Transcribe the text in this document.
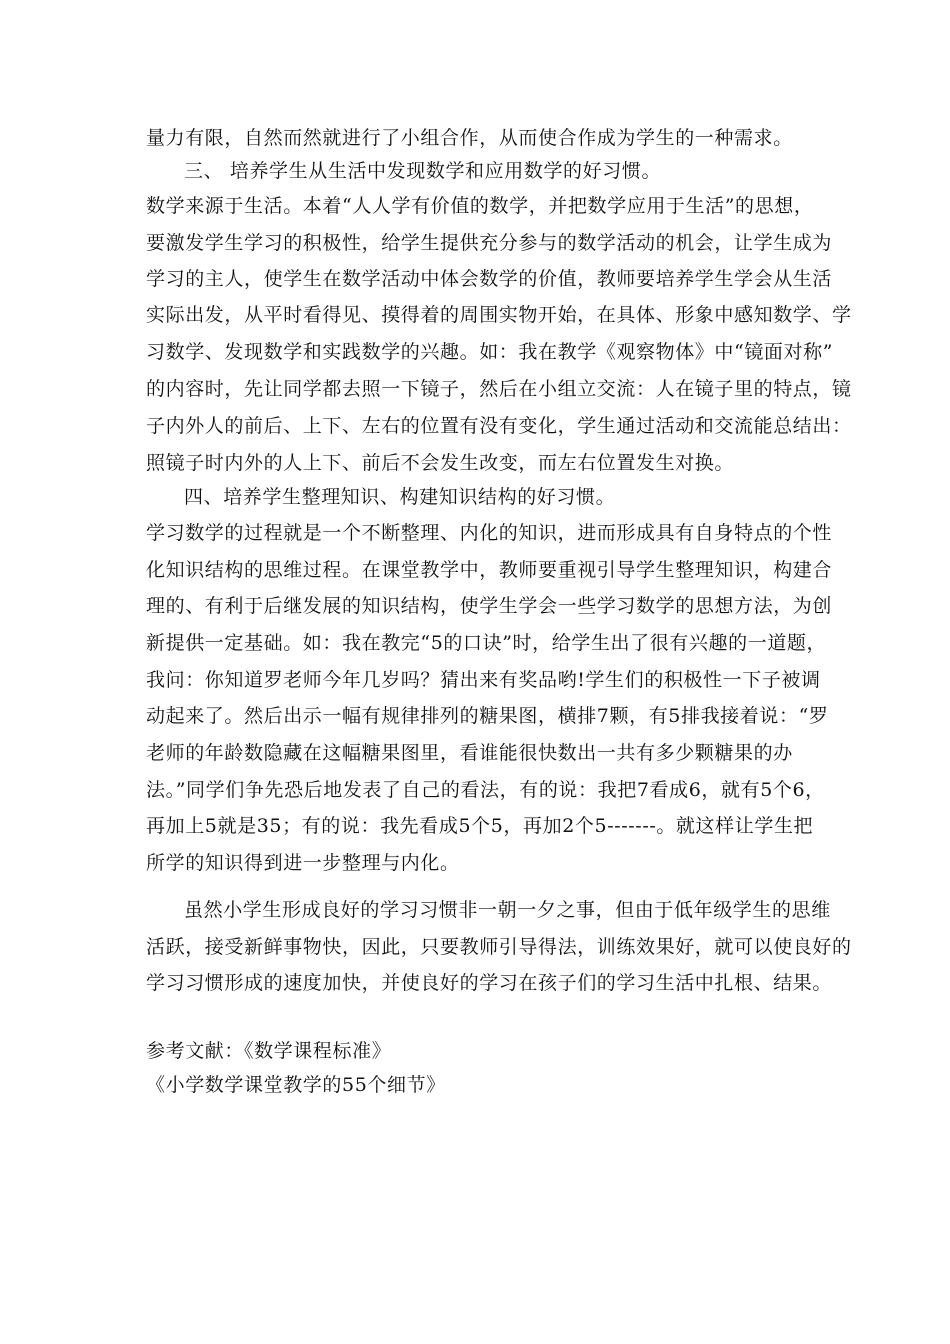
量力有限，自然而然就进行了小组合作，从而使合作成为学生的一种需求。
三、 培养学生从生活中发现数学和应用数学的好习惯。
数学来源于生活。本着“人人学有价值的数学，并把数学应用于生活”的思想，
要激发学生学习的积极性，给学生提供充分参与的数学活动的机会，让学生成为
学习的主人，使学生在数学活动中体会数学的价值，教师要培养学生学会从生活
实际出发，从平时看得见、摸得着的周围实物开始，在具体、形象中感知数学、学
习数学、发现数学和实践数学的兴趣。如：我在教学《观察物体》中“镜面对称”
的内容时，先让同学都去照一下镜子，然后在小组立交流：人在镜子里的特点，镜
子内外人的前后、上下、左右的位置有没有变化，学生通过活动和交流能总结出：
照镜子时内外的人上下、前后不会发生改变，而左右位置发生对换。
四、培养学生整理知识、构建知识结构的好习惯。
学习数学的过程就是一个不断整理、内化的知识，进而形成具有自身特点的个性
化知识结构的思维过程。在课堂教学中，教师要重视引导学生整理知识，构建合
理的、有利于后继发展的知识结构，使学生学会一些学习数学的思想方法，为创
新提供一定基础。如：我在教完“5的口诀”时，给学生出了很有兴趣的一道题，
我问：你知道罗老师今年几岁吗？猜出来有奖品哟!学生们的积极性一下子被调
动起来了。然后出示一幅有规律排列的糖果图，横排7颗，有5排我接着说：“罗
老师的年龄数隐藏在这幅糖果图里，看谁能很快数出一共有多少颗糖果的办
法。”同学们争先恐后地发表了自己的看法，有的说：我把7看成6，就有5个6，
再加上5就是35；有的说：我先看成5个5，再加2个5-------。就这样让学生把
所学的知识得到进一步整理与内化。
虽然小学生形成良好的学习习惯非一朝一夕之事，但由于低年级学生的思维
活跃，接受新鲜事物快，因此，只要教师引导得法，训练效果好，就可以使良好的
学习习惯形成的速度加快，并使良好的学习在孩子们的学习生活中扎根、结果。
参考文献：《数学课程标准》
《小学数学课堂教学的55个细节》
